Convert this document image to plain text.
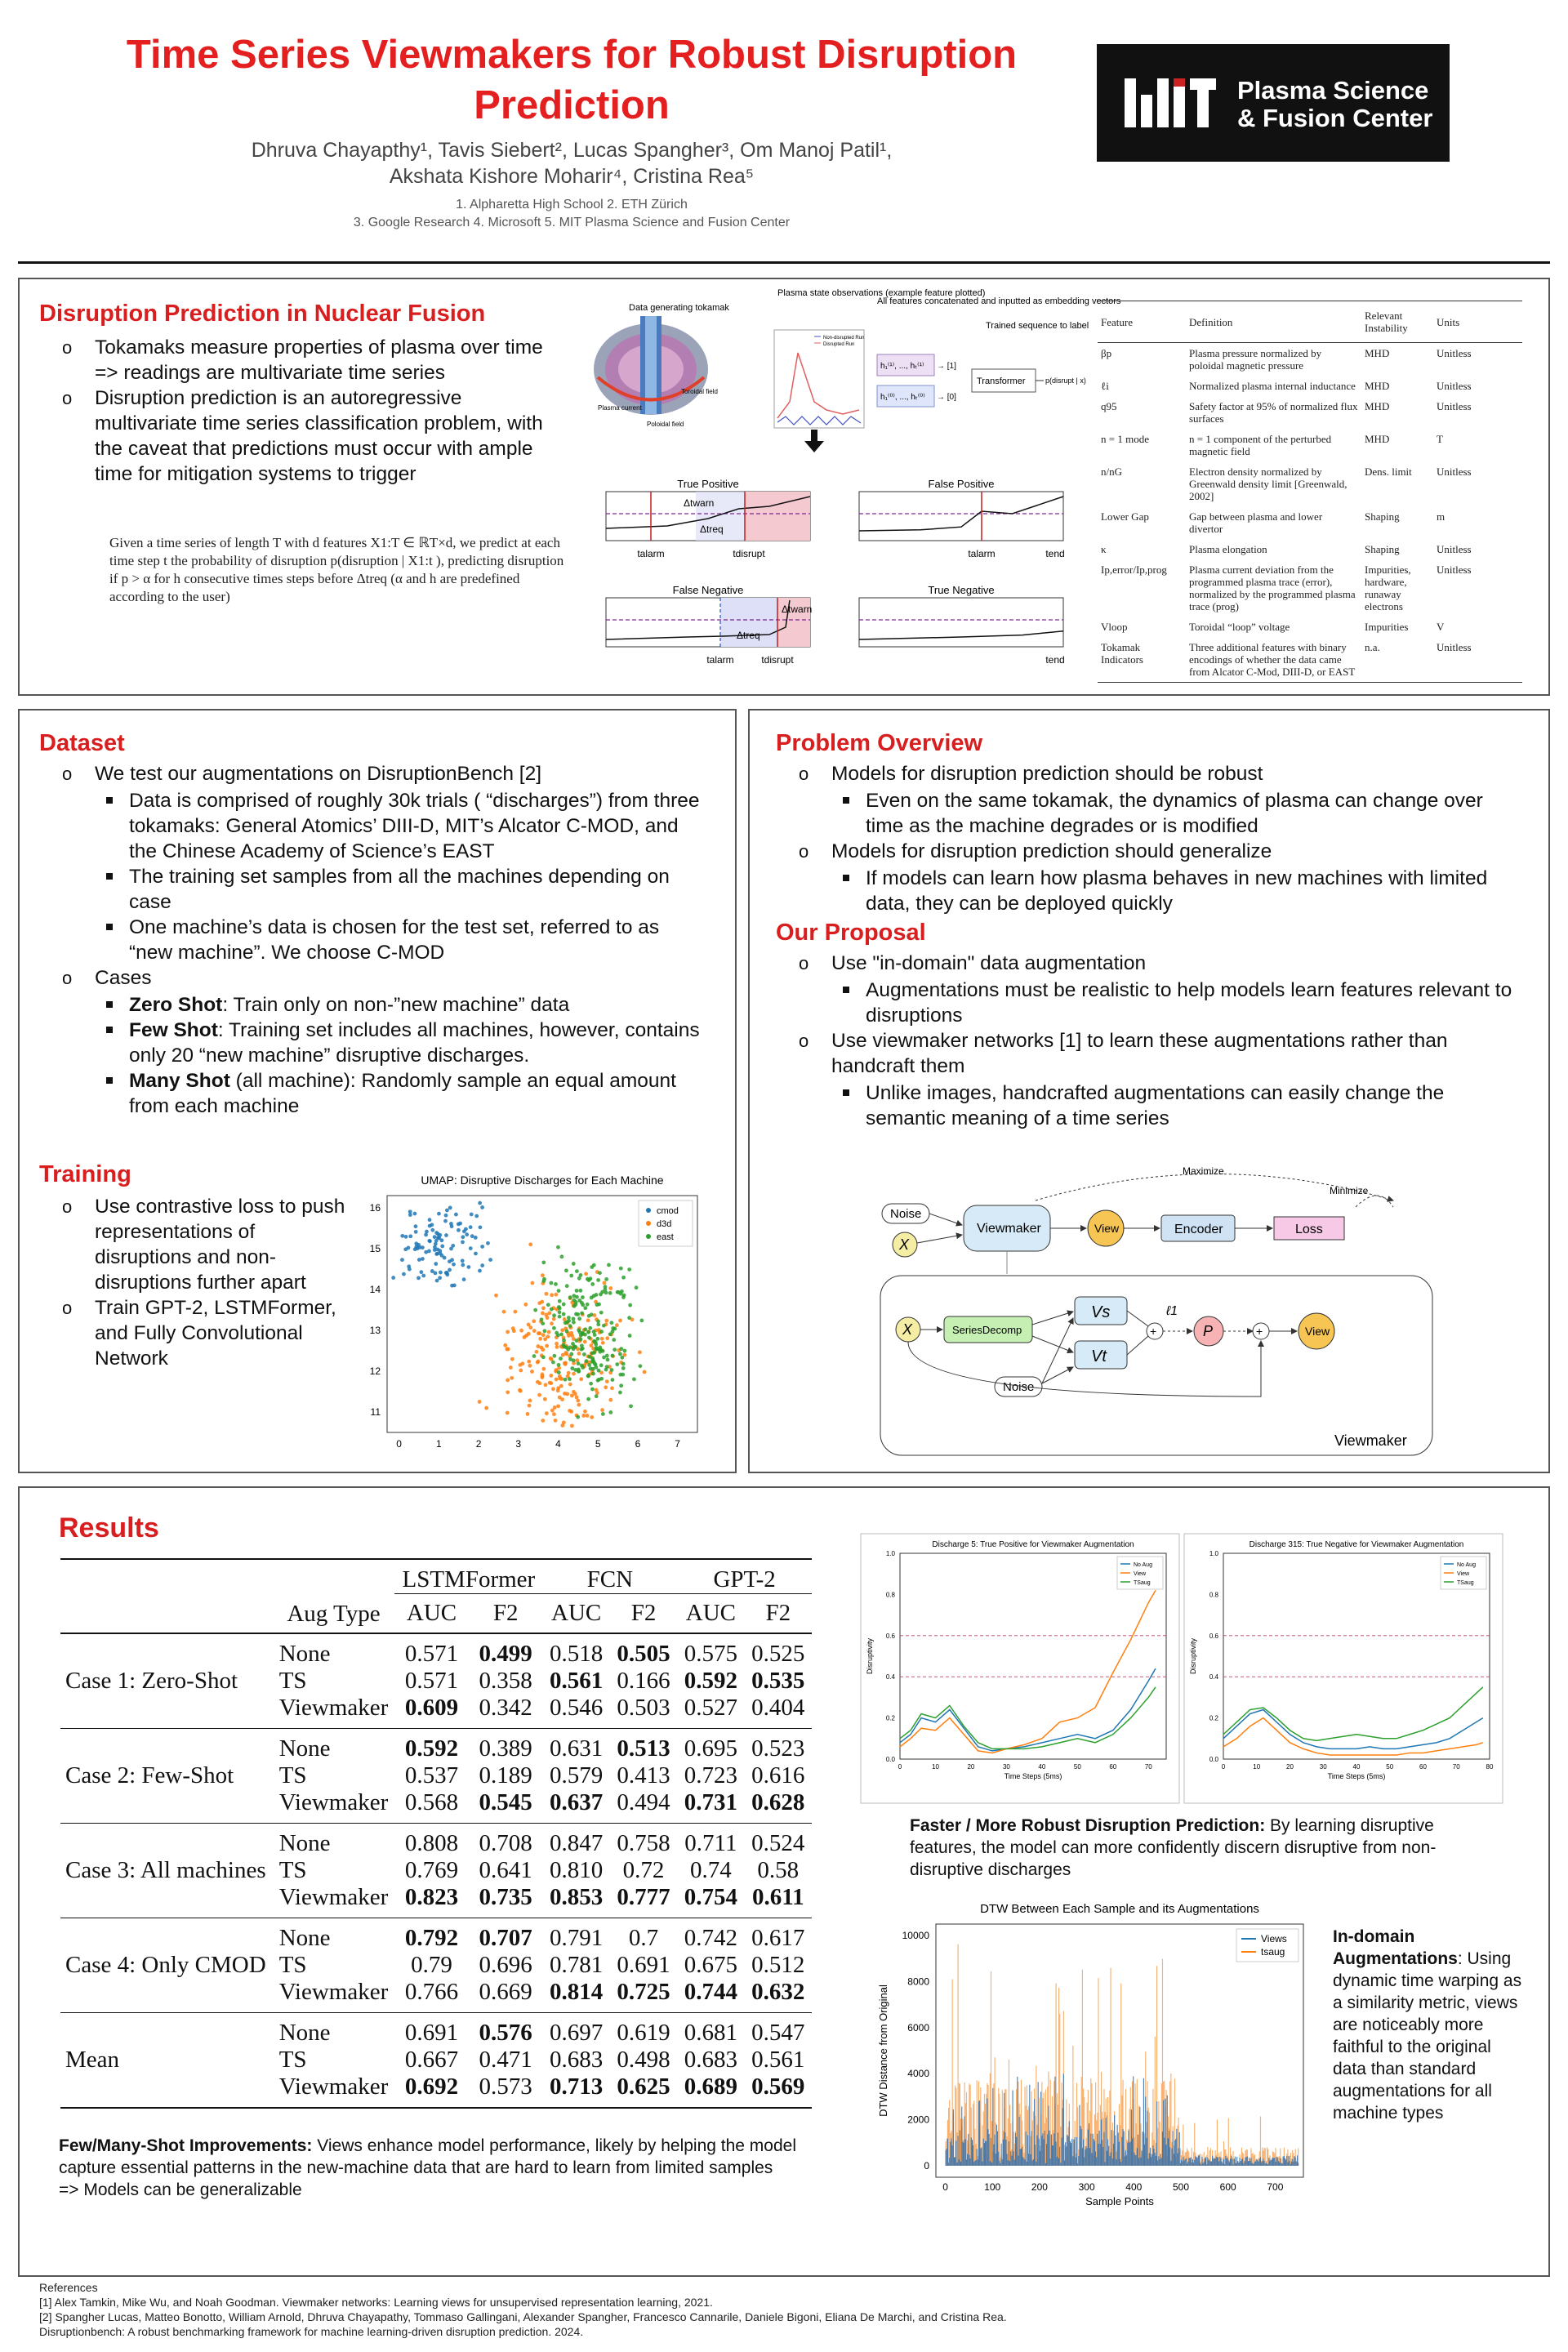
Time Series Viewmakers for Robust Disruption
Prediction
Dhruva Chayapthy¹, Tavis Siebert², Lucas Spangher³, Om Manoj Patil¹,
Akshata Kishore Moharir⁴, Cristina Rea⁵
1. Alpharetta High School 2. ETH Zürich
3. Google Research 4. Microsoft 5. MIT Plasma Science and Fusion Center
Plasma Science
& Fusion Center
Disruption Prediction in Nuclear Fusion
o Tokamaks measure properties of plasma over time => readings are multivariate time series
o Disruption prediction is an autoregressive multivariate time series classification problem, with the caveat that predictions must occur with ample time for mitigation systems to trigger
Given a time series of length T with d features X1:T ∈ ℝT×d, we predict at each time step t the probability of disruption p(disruption | X1:t ), predicting disruption if p > α for h consecutive times steps before Δtreq (α and h are predefined according to the user)
Data generating tokamak
Plasma current
Toroidal field
Poloidal field
Plasma state observations (example feature plotted)
Non-disrupted Run
Disrupted Run
All features concatenated and inputted as embedding vectors
h₁⁽¹⁾, ..., hₜ⁽¹⁾ → [1]
h₁⁽⁰⁾, ..., hₜ⁽⁰⁾ → [0]
Trained sequence to label
Transformer	p(disrupt | x)
True Positive
Δtwarn
Δtreq
talarm	tdisrupt
False Positive
talarm	tend
False Negative
Δtwarn
Δtreq
talarm	tdisrupt
True Negative
tend
Feature	Definition	Relevant Instability	Units
βp	Plasma pressure normalized by poloidal magnetic pressure	MHD	Unitless
ℓi	Normalized plasma internal inductance	MHD	Unitless
q95	Safety factor at 95% of normalized flux surfaces	MHD	Unitless
n = 1 mode	n = 1 component of the perturbed magnetic field	MHD	T
n/nG	Electron density normalized by Greenwald density limit [Greenwald, 2002]	Dens. limit	Unitless
Lower Gap	Gap between plasma and lower divertor	Shaping	m
κ	Plasma elongation	Shaping	Unitless
Ip,error/Ip,prog	Plasma current deviation from the programmed plasma trace (error), normalized by the programmed plasma trace (prog)	Impurities, hardware, runaway electrons	Unitless
Vloop	Toroidal “loop” voltage	Impurities	V
Tokamak Indicators	Three additional features with binary encodings of whether the data came from Alcator C-Mod, DIII-D, or EAST	n.a.	Unitless
Dataset
o We test our augmentations on DisruptionBench [2]
Data is comprised of roughly 30k trials ( “discharges”) from three tokamaks: General Atomics’ DIII-D, MIT’s Alcator C-MOD, and the Chinese Academy of Science’s EAST
The training set samples from all the machines depending on case
One machine’s data is chosen for the test set, referred to as “new machine”. We choose C-MOD
o Cases
Zero Shot: Train only on non-”new machine” data
Few Shot: Training set includes all machines, however, contains only 20 “new machine” disruptive discharges.
Many Shot (all machine): Randomly sample an equal amount from each machine
Training
o Use contrastive loss to push representations of disruptions and non-disruptions further apart
o Train GPT-2, LSTMFormer, and Fully Convolutional Network
UMAP: Disruptive Discharges for Each Machine
0	1	2	3	4	5	6	7
16
15
14
13
12
11
cmod
d3d
east
Problem Overview
o Models for disruption prediction should be robust
Even on the same tokamak, the dynamics of plasma can change over time as the machine degrades or is modified
o Models for disruption prediction should generalize
If models can learn how plasma behaves in new machines with limited data, they can be deployed quickly
Our Proposal
o Use "in-domain" data augmentation
Augmentations must be realistic to help models learn features relevant to disruptions
o Use viewmaker networks [1] to learn these augmentations rather than handcraft them
Unlike images, handcrafted augmentations can easily change the semantic meaning of a time series
Maximize
Minimize
Noise
X
Viewmaker	View	Encoder	Loss
X	SeriesDecomp
Vs
Vt
Noise
+
ℓ1
P	+	View
Viewmaker
Results
		LSTMFormer		FCN		GPT-2	
	Aug Type	AUC	F2	AUC	F2	AUC	F2
Case 1: Zero-Shot	None	0.571	0.499	0.518	0.505	0.575	0.525
	TS	0.571	0.358	0.561	0.166	0.592	0.535
	Viewmaker	0.609	0.342	0.546	0.503	0.527	0.404
Case 2: Few-Shot	None	0.592	0.389	0.631	0.513	0.695	0.523
	TS	0.537	0.189	0.579	0.413	0.723	0.616
	Viewmaker	0.568	0.545	0.637	0.494	0.731	0.628
Case 3: All machines	None	0.808	0.708	0.847	0.758	0.711	0.524
	TS	0.769	0.641	0.810	0.72	0.74	0.58
	Viewmaker	0.823	0.735	0.853	0.777	0.754	0.611
Case 4: Only CMOD	None	0.792	0.707	0.791	0.7	0.742	0.617
	TS	0.79	0.696	0.781	0.691	0.675	0.512
	Viewmaker	0.766	0.669	0.814	0.725	0.744	0.632
Mean	None	0.691	0.576	0.697	0.619	0.681	0.547
	TS	0.667	0.471	0.683	0.498	0.683	0.561
	Viewmaker	0.692	0.573	0.713	0.625	0.689	0.569
Few/Many-Shot Improvements: Views enhance model performance, likely by helping the model capture essential patterns in the new-machine data that are hard to learn from limited samples
=> Models can be generalizable
Discharge 5: True Positive for Viewmaker Augmentation
0.0
0.2
0.4
0.6
0.8
1.0
0	10	20	30	40	50	60	70
Time Steps (5ms)
Disruptivity
No Aug
View
TSaug
Discharge 315: True Negative for Viewmaker Augmentation
0.0
0.2
0.4
0.6
0.8
1.0
0	10	20	30	40	50	60	70	80
Time Steps (5ms)
Disruptivity
No Aug
View
TSaug
Faster / More Robust Disruption Prediction: By learning disruptive features, the model can more confidently discern disruptive from non-disruptive discharges
DTW Between Each Sample and its Augmentations
0
2000
4000
6000
8000
10000
0	100	200	300	400	500	600	700
Sample Points
DTW Distance from Original
Views
tsaug
In-domain Augmentations: Using dynamic time warping as a similarity metric, views are noticeably more faithful to the original data than standard augmentations for all machine types
References
[1] Alex Tamkin, Mike Wu, and Noah Goodman. Viewmaker networks: Learning views for unsupervised representation learning, 2021.
[2] Spangher Lucas, Matteo Bonotto, William Arnold, Dhruva Chayapathy, Tommaso Gallingani, Alexander Spangher, Francesco Cannarile, Daniele Bigoni, Eliana De Marchi, and Cristina Rea.
Disruptionbench: A robust benchmarking framework for machine learning-driven disruption prediction. 2024.
